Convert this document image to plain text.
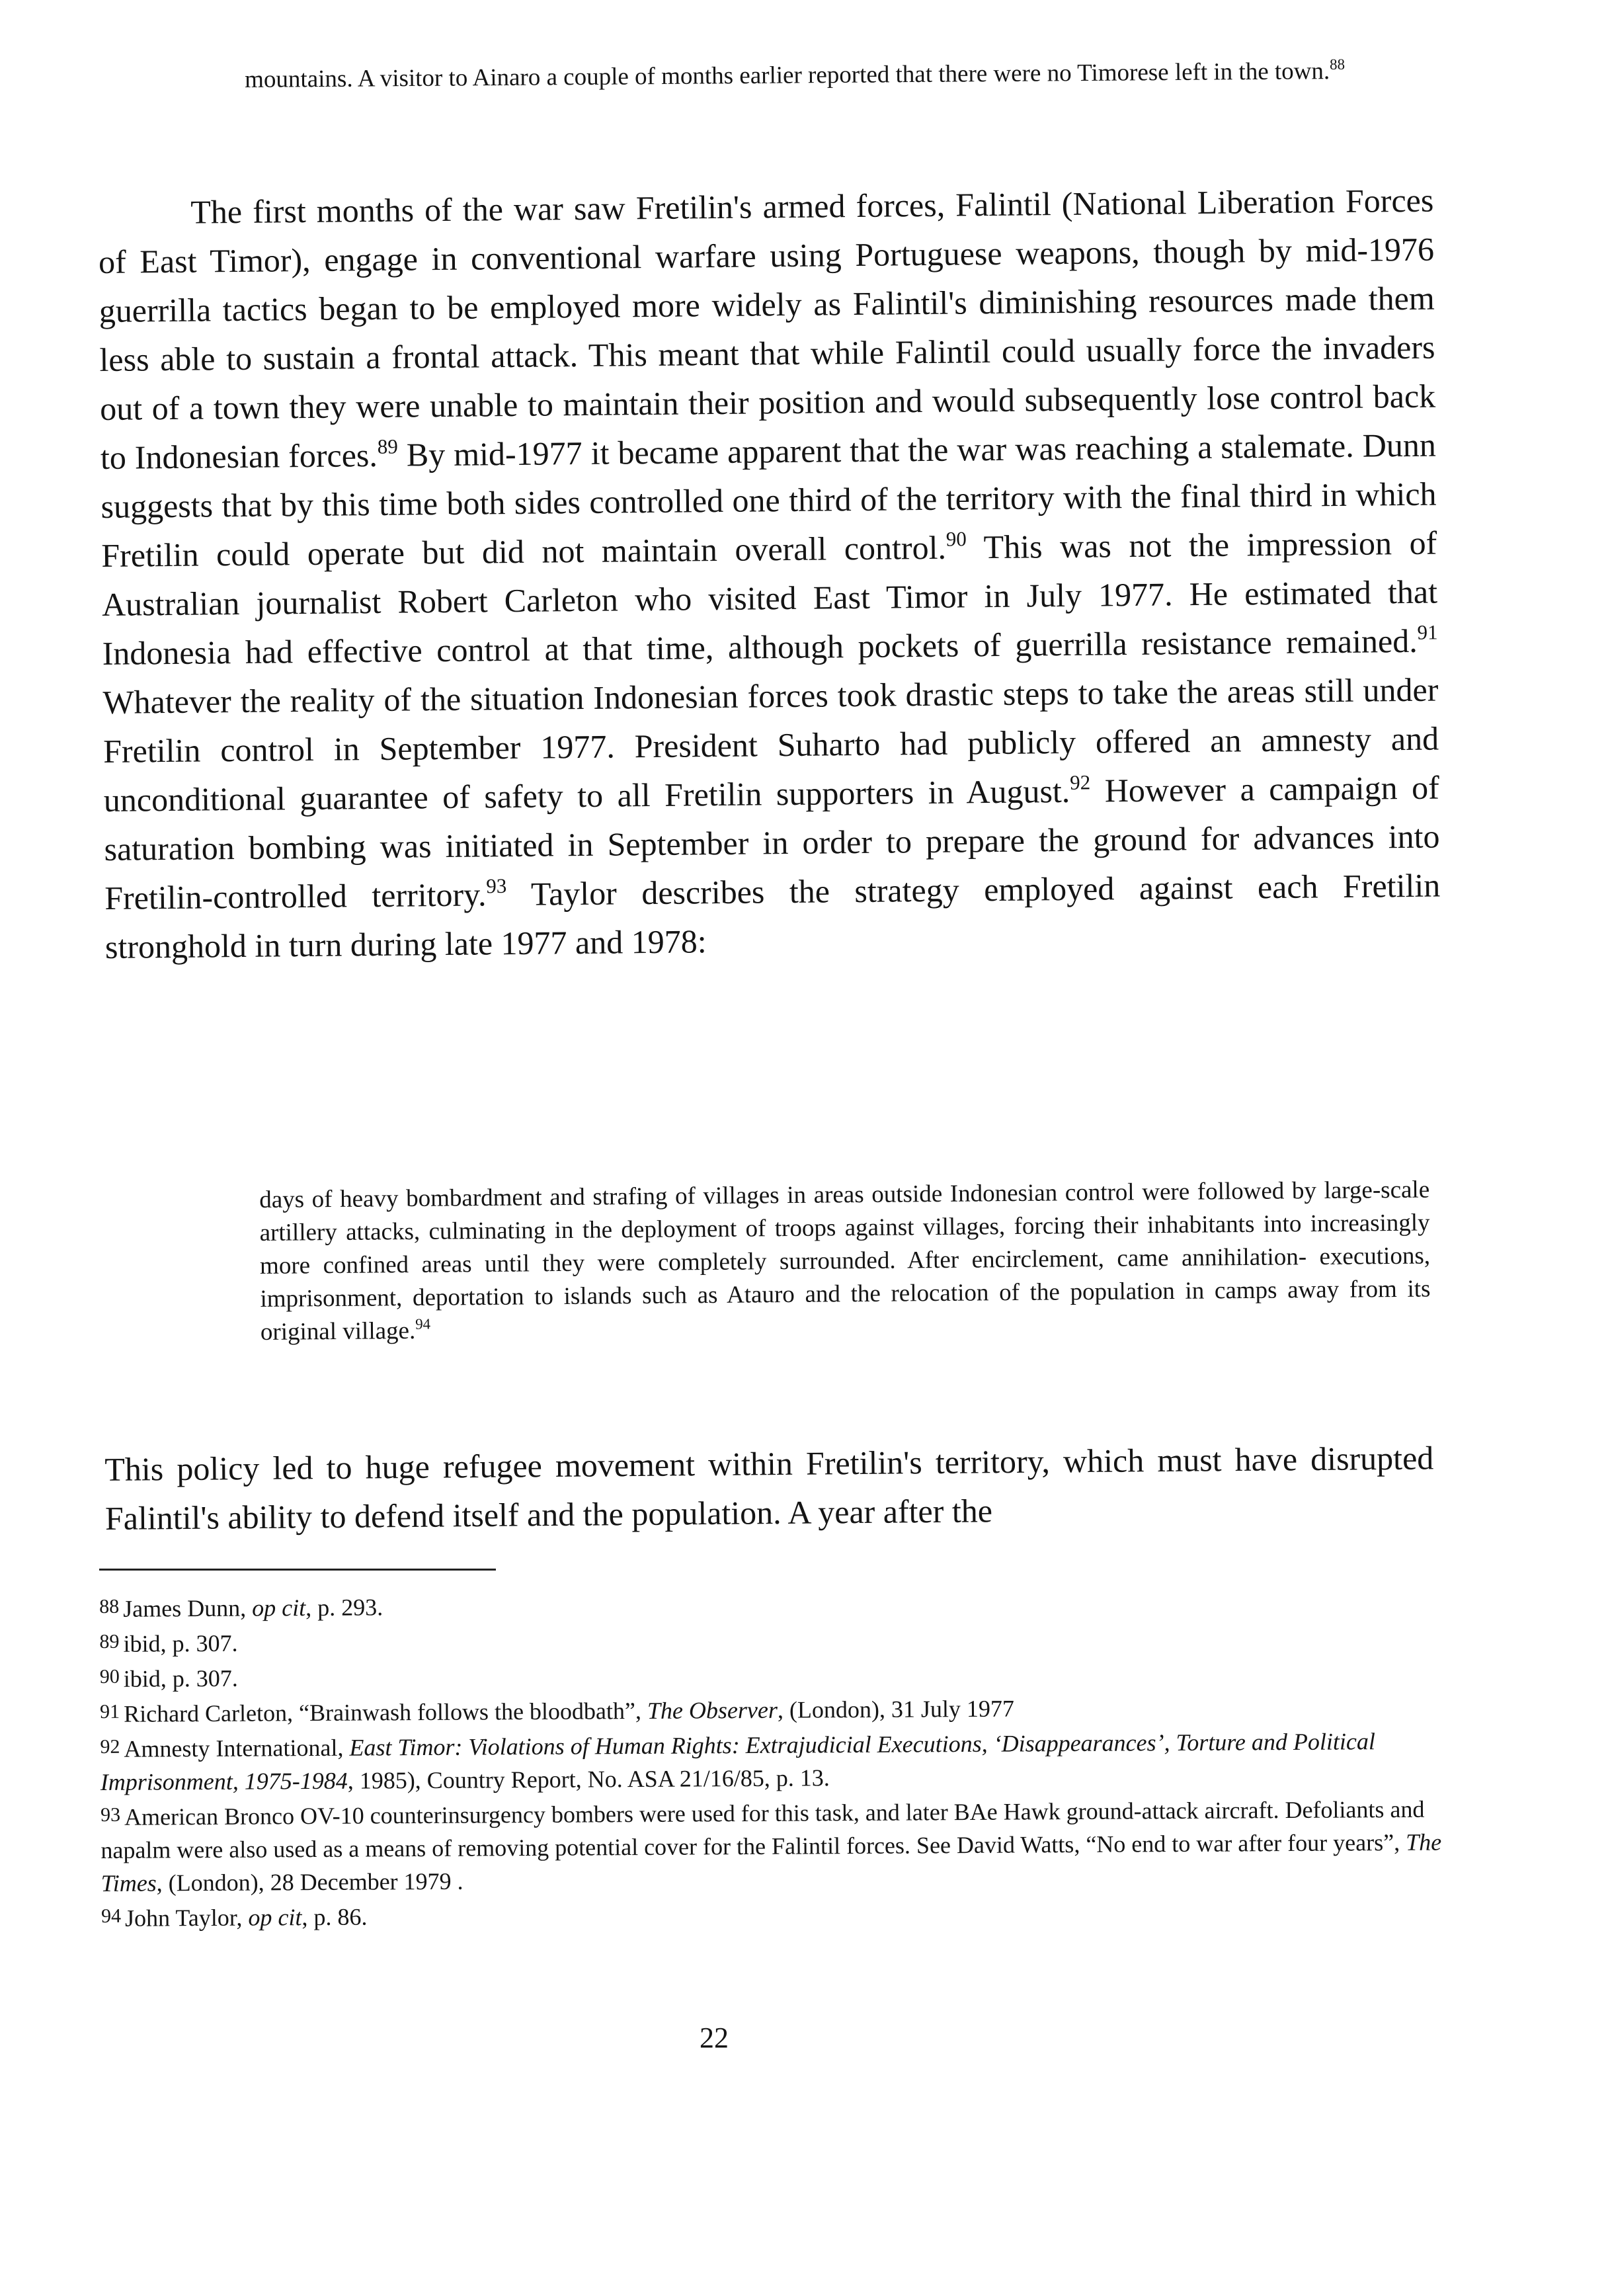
mountains. A visitor to Ainaro a couple of months earlier reported that there were no Timorese left in the town.$^{88}$

The first months of the war saw Fretilin's armed forces, Falintil (National Liberation Forces of East Timor), engage in conventional warfare using Portuguese weapons, though by mid-1976 guerrilla tactics began to be employed more widely as Falintil's diminishing resources made them less able to sustain a frontal attack. This meant that while Falintil could usually force the invaders out of a town they were unable to maintain their position and would subsequently lose control back to Indonesian forces.$^{89}$ By mid-1977 it became apparent that the war was reaching a stalemate. Dunn suggests that by this time both sides controlled one third of the territory with the final third in which Fretilin could operate but did not maintain overall control.$^{90}$ This was not the impression of Australian journalist Robert Carleton who visited East Timor in July 1977. He estimated that Indonesia had effective control at that time, although pockets of guerrilla resistance remained.$^{91}$ Whatever the reality of the situation Indonesian forces took drastic steps to take the areas still under Fretilin control in September 1977. President Suharto had publicly offered an amnesty and unconditional guarantee of safety to all Fretilin supporters in August.$^{92}$ However a campaign of saturation bombing was initiated in September in order to prepare the ground for advances into Fretilin-controlled territory.$^{93}$ Taylor describes the strategy employed against each Fretilin stronghold in turn during late 1977 and 1978:

days of heavy bombardment and strafing of villages in areas outside Indonesian control were followed by large-scale artillery attacks, culminating in the deployment of troops against villages, forcing their inhabitants into increasingly more confined areas until they were completely surrounded. After encirclement, came annihilation- executions, imprisonment, deportation to islands such as Atauro and the relocation of the population in camps away from its original village.$^{94}$
This policy led to huge refugee movement within Fretilin's territory, which must have disrupted Falintil's ability to defend itself and the population. A year after the

88 James Dunn, op cit, p. 293.

89 ibid, p. 307.

90 ibid, p. 307.

91 Richard Carleton, “Brainwash follows the bloodbath”, The Observer, (London), 31 July 1977

92 Amnesty International, East Timor: Violations of Human Rights: Extrajudicial Executions, ‘Disappearances’, Torture and Political Imprisonment, 1975-1984, 1985), Country Report, No. ASA 21/16/85, p. 13.

93 American Bronco OV-10 counterinsurgency bombers were used for this task, and later BAe Hawk ground-attack aircraft. Defoliants and napalm were also used as a means of removing potential cover for the Falintil forces. See David Watts, “No end to war after four years”, The Times, (London), 28 December 1979 .

94 John Taylor, op cit, p. 86.

22
